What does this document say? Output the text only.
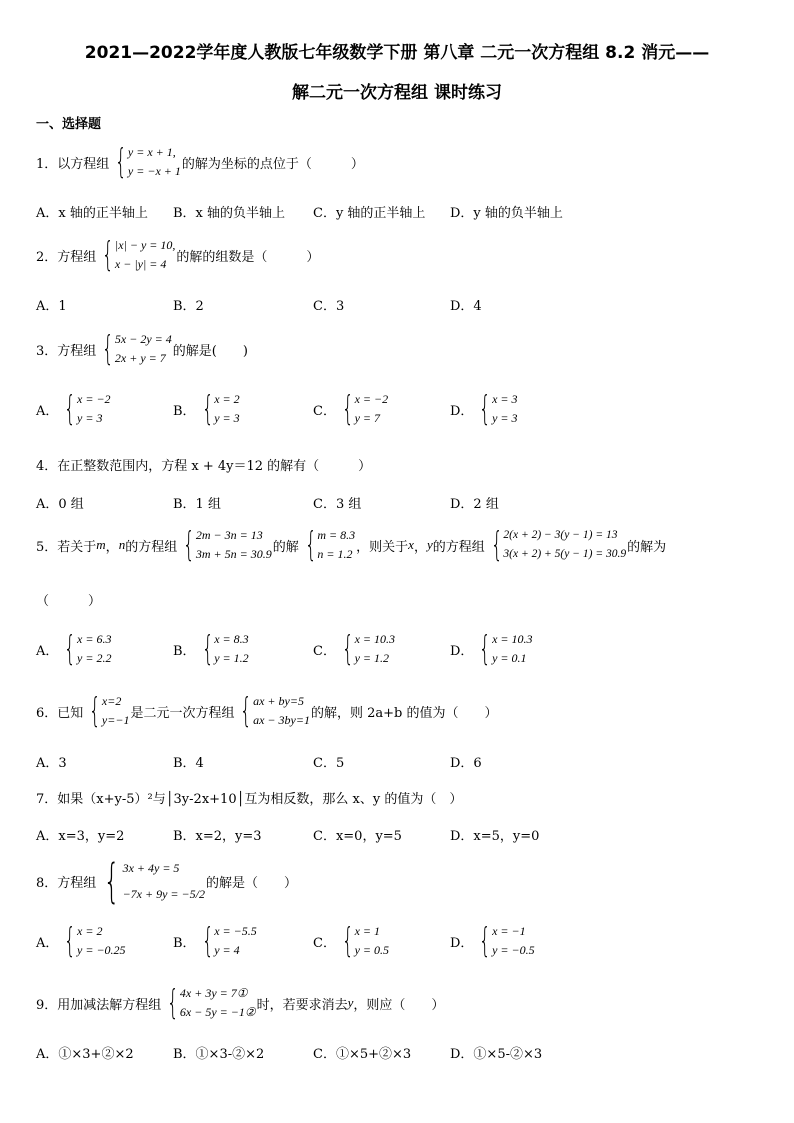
2021—2022学年度人教版七年级数学下册 第八章 二元一次方程组 8.2 消元——
解二元一次方程组 课时练习
一、选择题
1．以方程组 { y = x + 1,
y = −x + 1 的解为坐标的点位于（　　　）
A．x 轴的正半轴上 B．x 轴的负半轴上 C．y 轴的正半轴上 D．y 轴的负半轴上
2．方程组 { |x| − y = 10,
x − |y| = 4 的解的组数是（　　　）
A．1	B．2	C．3	D．4
3．方程组 { 5x − 2y = 4
2x + y = 7 的解是(　　)
A． { x = −2
y = 3	B． { x = 2
y = 3	C． { x = −2
y = 7	D． { x = 3
y = 3
4．在正整数范围内，方程 x + 4y＝12 的解有（　　　）
A．0 组	B．1 组	C．3 组	D．2 组
5．若关于 m ， n 的方程组 { 2m − 3n = 13
3m + 5n = 30.9 的解 { m = 8.3
n = 1.2 ，则关于 x ， y 的方程组 { 2(x + 2) − 3(y − 1) = 13
3(x + 2) + 5(y − 1) = 30.9 的解为
（　　　）
A． { x = 6.3
y = 2.2	B． { x = 8.3
y = 1.2	C． { x = 10.3
y = 1.2	D． { x = 10.3
y = 0.1
6．已知 { x=2
y=−1 是二元一次方程组 { ax + by=5
ax − 3by=1 的解，则 2a+b 的值为（　　）
A．3	B．4	C．5	D．6
7．如果（x+y-5）²与│3y-2x+10│互为相反数，那么 x、y 的值为（　）
A．x=3，y=2	B．x=2，y=3	C．x=0，y=5	D．x=5，y=0
8．方程组 { 3x + 4y = 5
−7x + 9y = −5/2
的解是（　　）
A． { x = 2
y = −0.25	B． { x = −5.5
y = 4	C． { x = 1
y = 0.5	D． { x = −1
y = −0.5
9．用加减法解方程组 { 4x + 3y = 7①
6x − 5y = −1② 时，若要求消去 y ，则应（　　）
A．①×3+②×2	B．①×3-②×2	C．①×5+②×3	D．①×5-②×3
